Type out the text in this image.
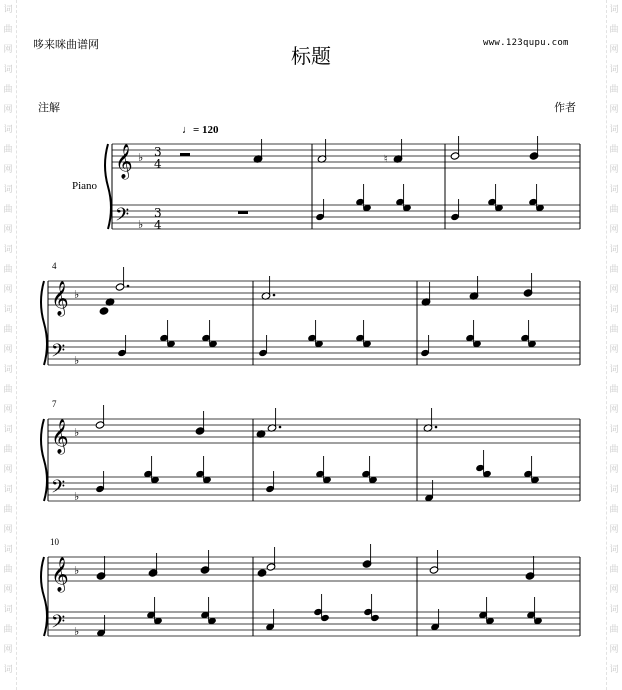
词
曲
网
词
曲
网
词
曲
网
词
曲
网
词
曲
网
词
曲
网
词
曲
网
词
曲
网
词
曲
网
词
曲
网
词
曲
网
词
词
曲
网
词
曲
网
词
曲
网
词
曲
网
词
曲
网
词
曲
网
词
曲
网
词
曲
网
词
曲
网
词
曲
网
词
曲
网
词
哆来咪曲谱网	www.123qupu.com
标题
注解	作者
♩= 120
Piano
4
7
10
𝄞
𝄢
♭
♭
3
4
3
4
𝄞
𝄢
♭
♭
𝄞
𝄢
♭
♭
𝄞
𝄢
♭
♭
♮
